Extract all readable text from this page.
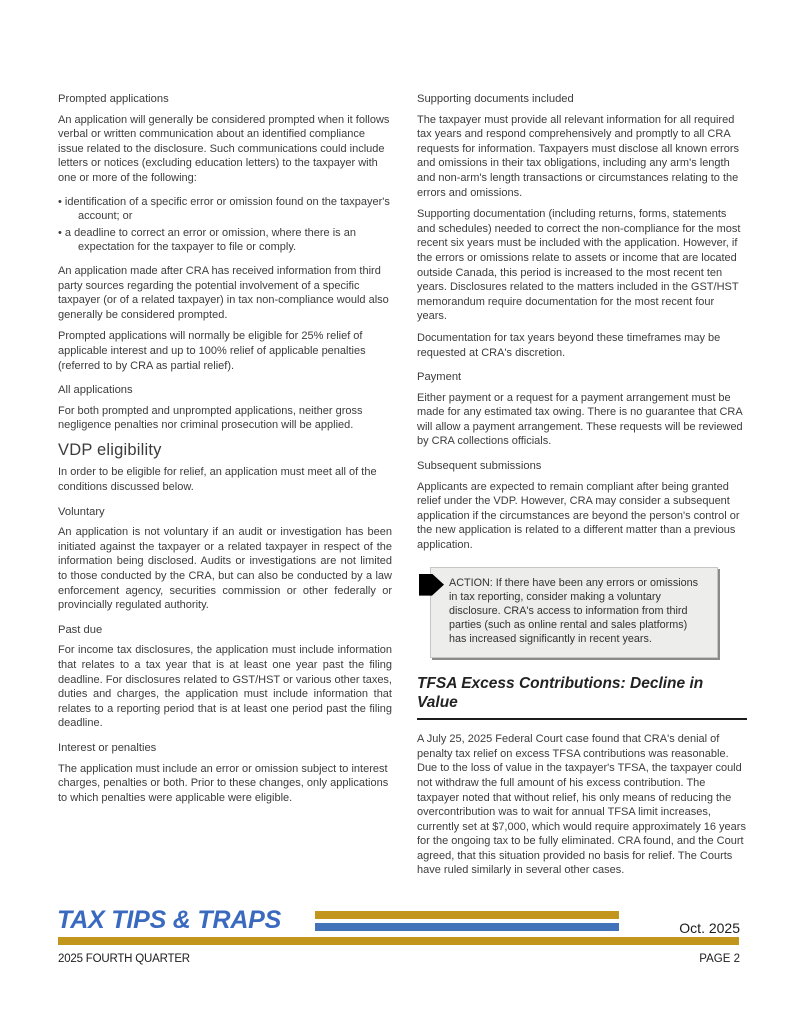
Prompted applications

An application will generally be considered prompted when it follows verbal or written communication about an identified compliance issue related to the disclosure. Such communications could include letters or notices (excluding education letters) to the taxpayer with one or more of the following:

• identification of a specific error or omission found on the taxpayer's account; or
• a deadline to correct an error or omission, where there is an expectation for the taxpayer to file or comply.

An application made after CRA has received information from third party sources regarding the potential involvement of a specific taxpayer (or of a related taxpayer) in tax non-compliance would also generally be considered prompted.

Prompted applications will normally be eligible for 25% relief of applicable interest and up to 100% relief of applicable penalties (referred to by CRA as partial relief).

All applications

For both prompted and unprompted applications, neither gross negligence penalties nor criminal prosecution will be applied.

VDP eligibility

In order to be eligible for relief, an application must meet all of the conditions discussed below.

Voluntary

An application is not voluntary if an audit or investigation has been initiated against the taxpayer or a related taxpayer in respect of the information being disclosed. Audits or investigations are not limited to those conducted by the CRA, but can also be conducted by a law enforcement agency, securities commission or other federally or provincially regulated authority.

Past due

For income tax disclosures, the application must include information that relates to a tax year that is at least one year past the filing deadline. For disclosures related to GST/HST or various other taxes, duties and charges, the application must include information that relates to a reporting period that is at least one period past the filing deadline.

Interest or penalties

The application must include an error or omission subject to interest charges, penalties or both. Prior to these changes, only applications to which penalties were applicable were eligible.

Supporting documents included

The taxpayer must provide all relevant information for all required tax years and respond comprehensively and promptly to all CRA requests for information. Taxpayers must disclose all known errors and omissions in their tax obligations, including any arm's length and non-arm's length transactions or circumstances relating to the errors and omissions.

Supporting documentation (including returns, forms, statements and schedules) needed to correct the non-compliance for the most recent six years must be included with the application. However, if the errors or omissions relate to assets or income that are located outside Canada, this period is increased to the most recent ten years. Disclosures related to the matters included in the GST/HST memorandum require documentation for the most recent four years.

Documentation for tax years beyond these timeframes may be requested at CRA's discretion.

Payment

Either payment or a request for a payment arrangement must be made for any estimated tax owing. There is no guarantee that CRA will allow a payment arrangement. These requests will be reviewed by CRA collections officials.

Subsequent submissions

Applicants are expected to remain compliant after being granted relief under the VDP. However, CRA may consider a subsequent application if the circumstances are beyond the person's control or the new application is related to a different matter than a previous application.

ACTION: If there have been any errors or omissions in tax reporting, consider making a voluntary disclosure. CRA's access to information from third parties (such as online rental and sales platforms) has increased significantly in recent years.
TFSA Excess Contributions: Decline in Value

A July 25, 2025 Federal Court case found that CRA's denial of penalty tax relief on excess TFSA contributions was reasonable. Due to the loss of value in the taxpayer's TFSA, the taxpayer could not withdraw the full amount of his excess contribution. The taxpayer noted that without relief, his only means of reducing the overcontribution was to wait for annual TFSA limit increases, currently set at $7,000, which would require approximately 16 years for the ongoing tax to be fully eliminated. CRA found, and the Court agreed, that this situation provided no basis for relief. The Courts have ruled similarly in several other cases.

TAX TIPS & TRAPS	Oct. 2025
2025 FOURTH QUARTER	PAGE 2
